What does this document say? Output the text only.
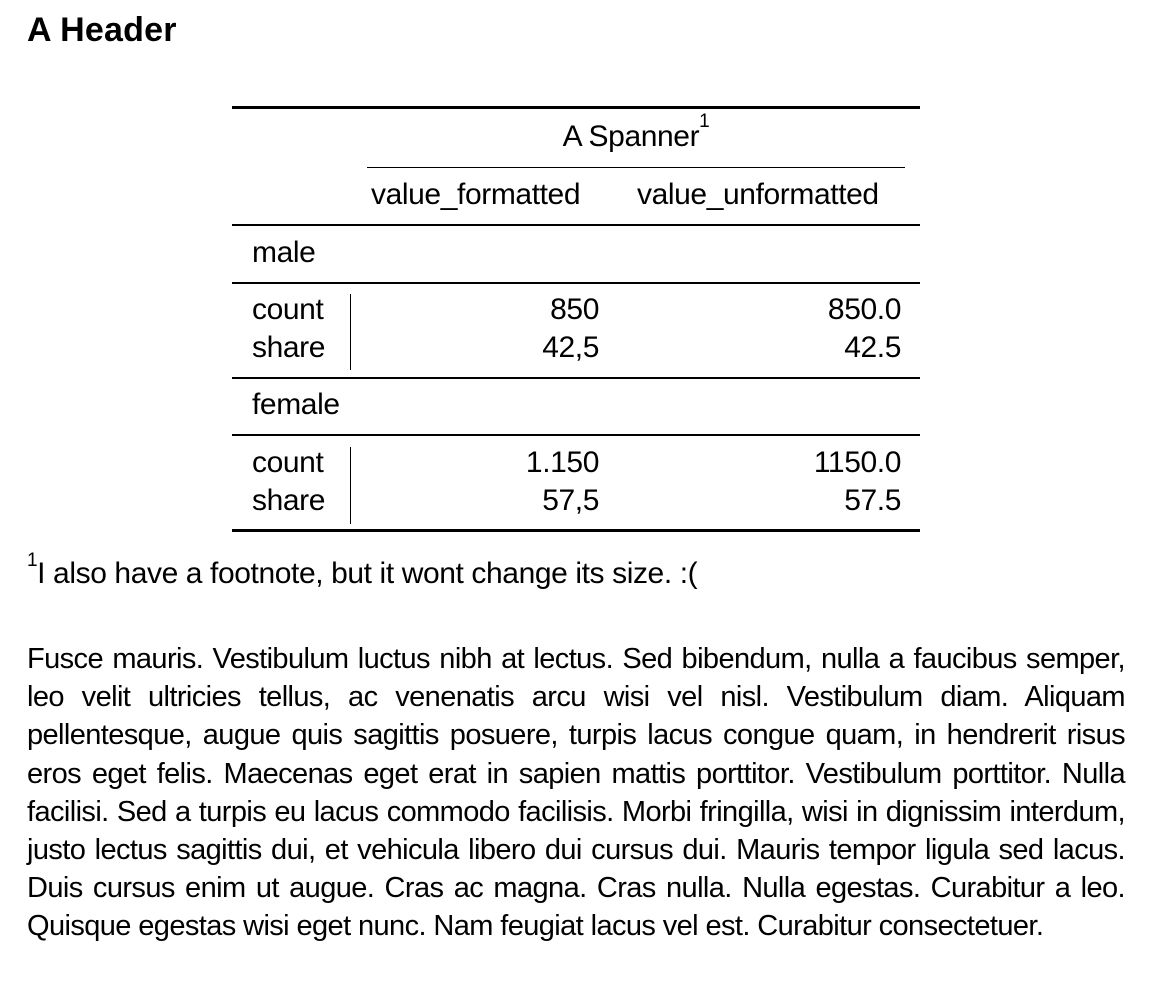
A Header
A Spanner$^1$
value_formatted value_unformatted
male
count	850	850.0
share	42,5	42.5
female
count	1.150	1150.0
share	57,5	57.5
$^1$I also have a footnote, but it wont change its size. :(

Fusce mauris. Vestibulum luctus nibh at lectus. Sed bibendum, nulla a faucibus semper, leo velit ultricies tellus, ac venenatis arcu wisi vel nisl. Vestibulum diam. Aliquam pellentesque, augue quis sagittis posuere, turpis lacus congue quam, in hendrerit risus eros eget felis. Maecenas eget erat in sapien mattis porttitor. Vestibulum porttitor. Nulla facilisi. Sed a turpis eu lacus commodo facilisis. Morbi fringilla, wisi in dignissim interdum, justo lectus sagittis dui, et vehicula libero dui cursus dui. Mauris tempor ligula sed lacus. Duis cursus enim ut augue. Cras ac magna. Cras nulla. Nulla egestas. Curabitur a leo. Quisque egestas wisi eget nunc. Nam feugiat lacus vel est. Curabitur consectetuer.
